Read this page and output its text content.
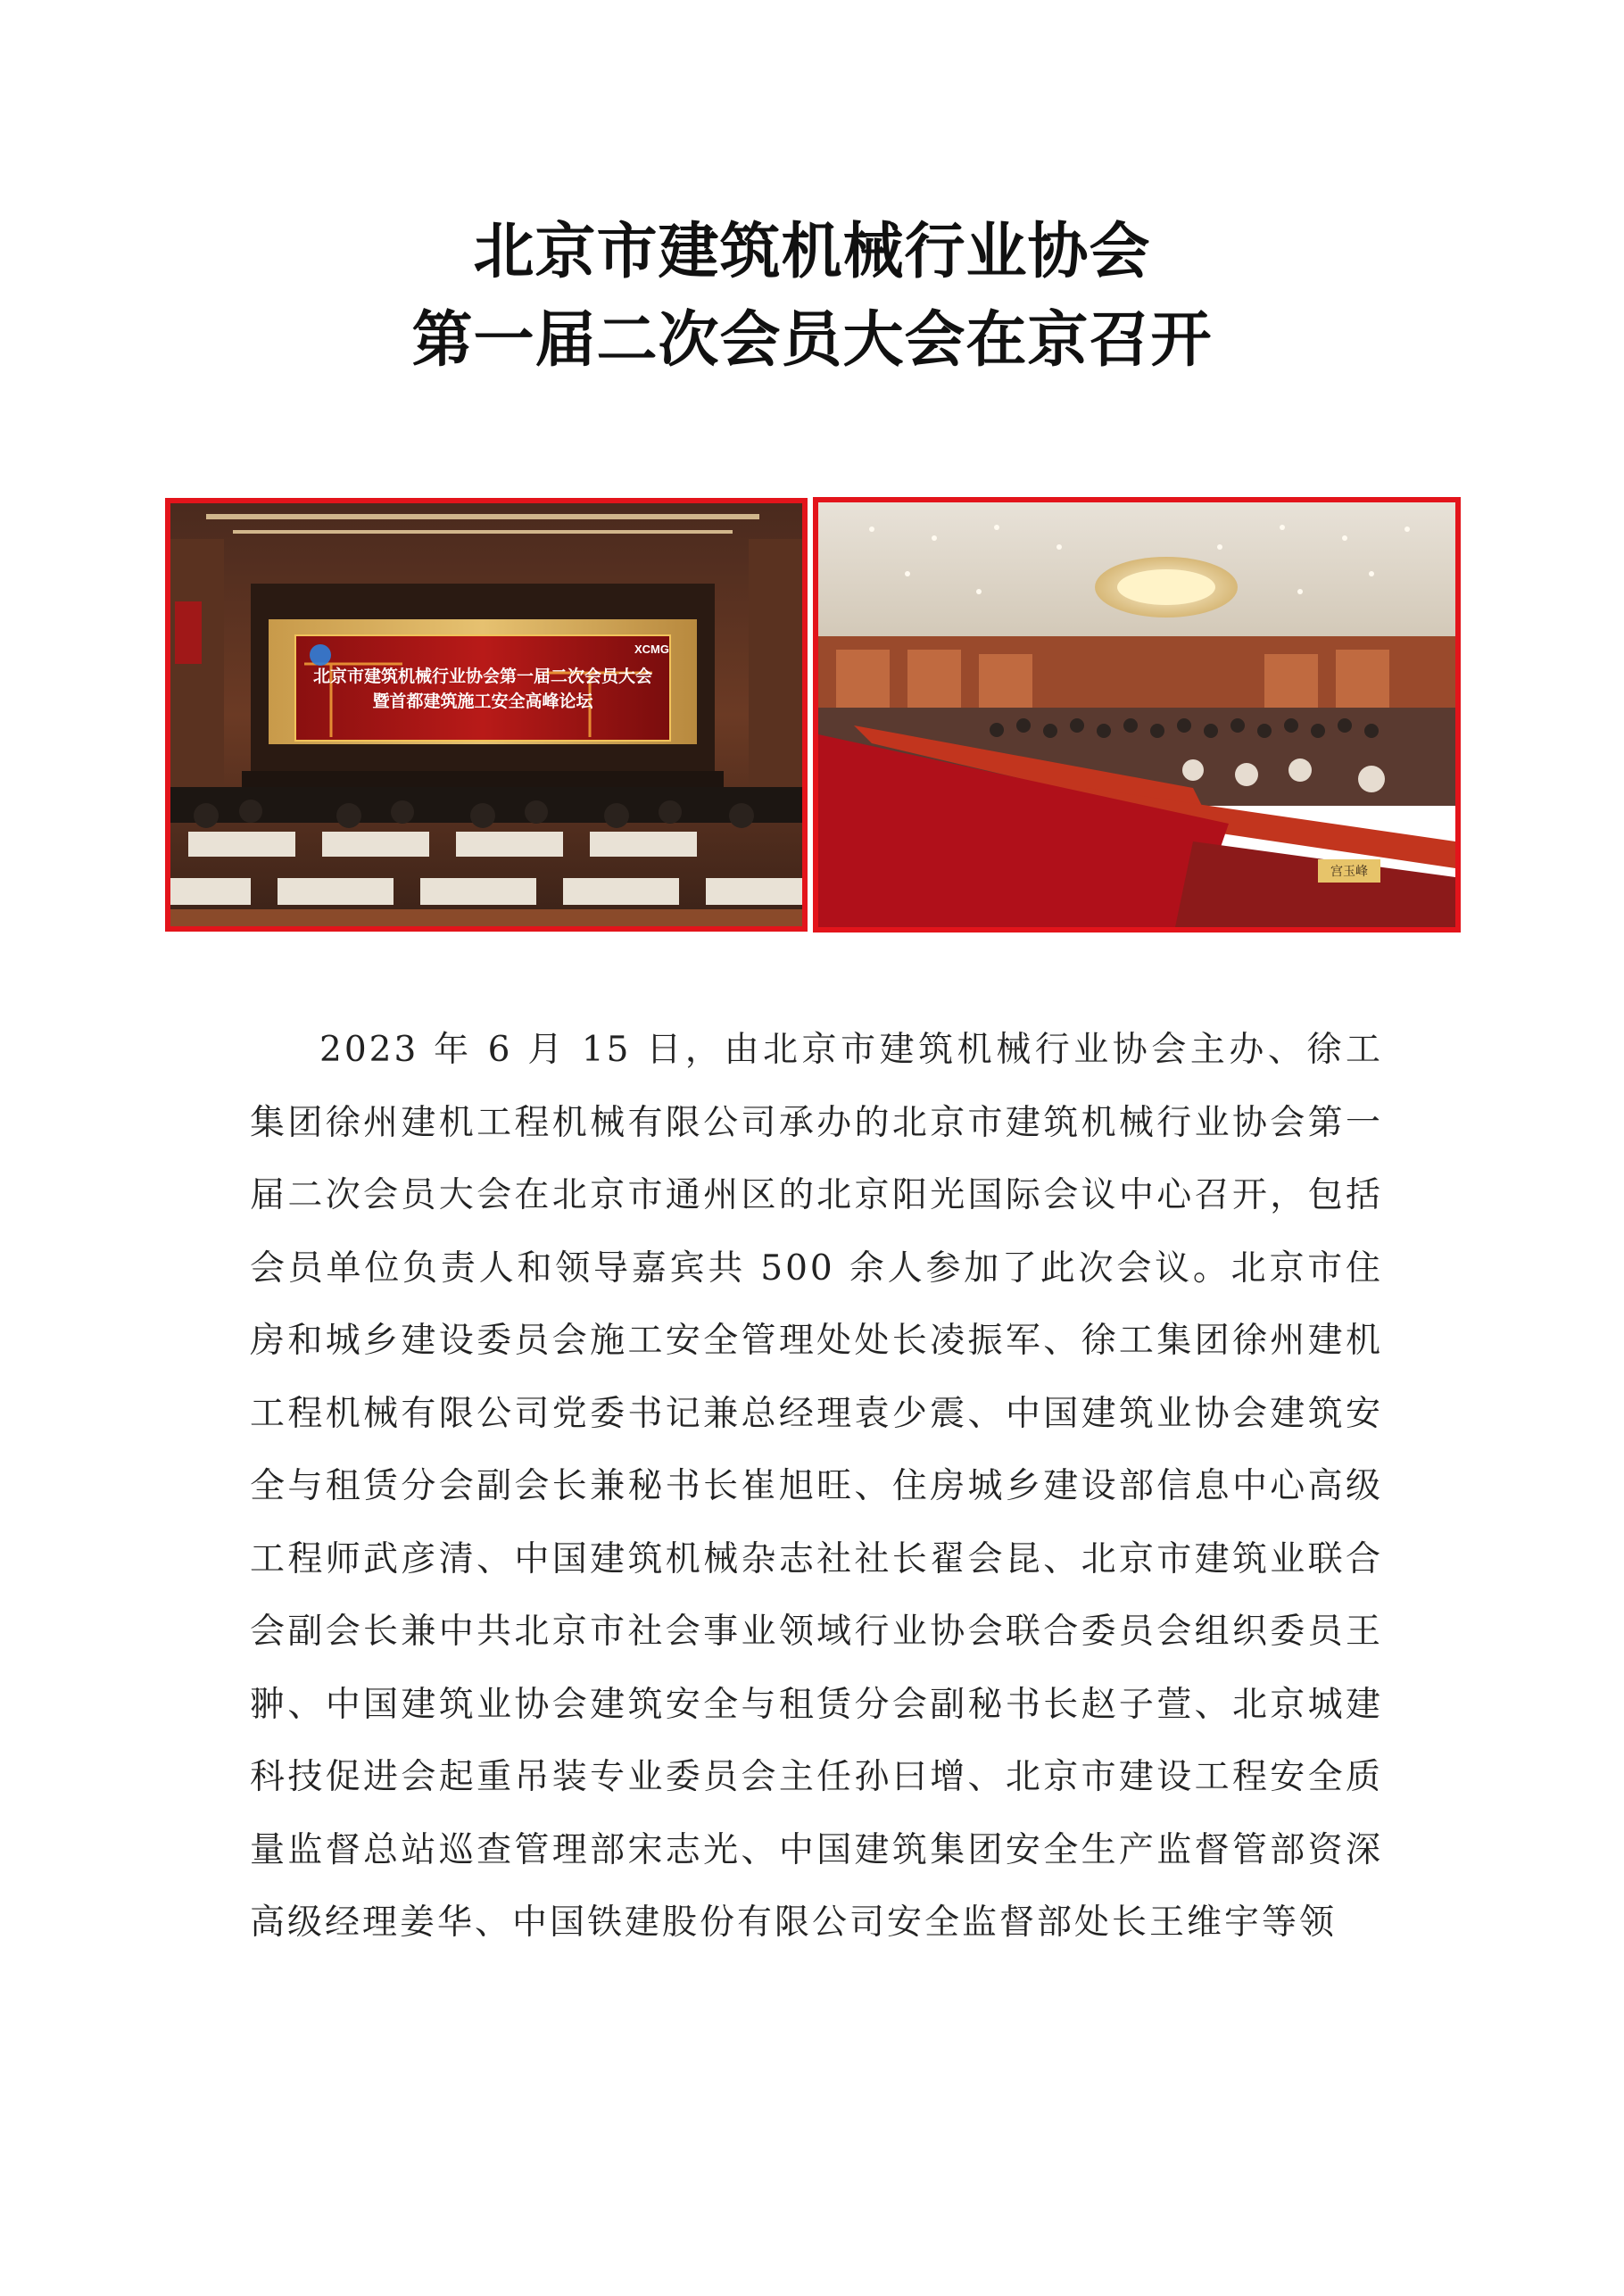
北京市建筑机械行业协会
第一届二次会员大会在京召开
XCMG
北京市建筑机械行业协会第一届二次会员大会
暨首都建筑施工安全高峰论坛
宫玉峰

2023 年 6 月 15 日，由北京市建筑机械行业协会主办、徐工集团徐州建机工程机械有限公司承办的北京市建筑机械行业协会第一届二次会员大会在北京市通州区的北京阳光国际会议中心召开，包括会员单位负责人和领导嘉宾共 500 余人参加了此次会议。北京市住房和城乡建设委员会施工安全管理处处长凌振军、徐工集团徐州建机工程机械有限公司党委书记兼总经理袁少震、中国建筑业协会建筑安全与租赁分会副会长兼秘书长崔旭旺、住房城乡建设部信息中心高级工程师武彦清、中国建筑机械杂志社社长翟会昆、北京市建筑业联合会副会长兼中共北京市社会事业领域行业协会联合委员会组织委员王翀、中国建筑业协会建筑安全与租赁分会副秘书长赵子萱、北京城建科技促进会起重吊装专业委员会主任孙曰增、北京市建设工程安全质量监督总站巡查管理部宋志光、中国建筑集团安全生产监督管部资深高级经理姜华、中国铁建股份有限公司安全监督部处长王维宇等领
